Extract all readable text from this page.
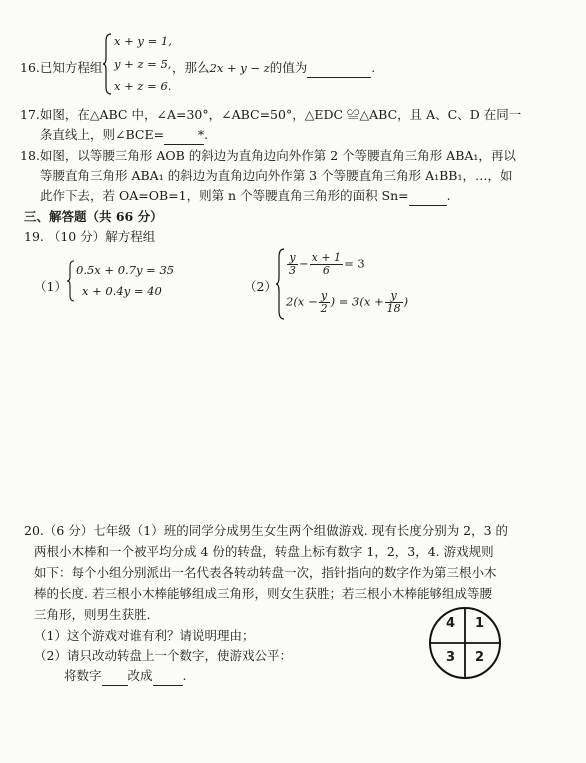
16.已知方程组
x + y = 1,
y + z = 5,
x + z = 6.
，那么2x + y − z的值为	.
17.如图，在△ABC 中，∠A=30°，∠ABC=50°，△EDC ≌△ABC，且 A、C、D 在同一
条直线上，则∠BCE=	*.
18.如图，以等腰三角形 AOB 的斜边为直角边向外作第 2 个等腰直角三角形 ABA₁，再以
等腰直角三角形 ABA₁ 的斜边为直角边向外作第 3 个等腰直角三角形 A₁BB₁，…，如
此作下去，若 OA=OB=1，则第 n 个等腰直角三角形的面积 Sn=	.
三、解答题（共 66 分）
19. （10 分）解方程组
（1）
0.5x + 0.7y = 35
x + 0.4y = 40	（2）
$\frac{y}{3} - \frac{x + 1}{6} = 3$
$2(x - \frac{y}{2}$ ) = $3(x + \frac{y}{18}$ )
20.（6 分）七年级（1）班的同学分成男生女生两个组做游戏. 现有长度分别为 2，3 的
两根小木棒和一个被平均分成 4 份的转盘，转盘上标有数字 1，2，3，4. 游戏规则
如下：每个小组分别派出一名代表各转动转盘一次，指针指向的数字作为第三根小木
棒的长度. 若三根小木棒能够组成三角形，则女生获胜；若三根小木棒能够组成等腰
三角形，则男生获胜.
（1）这个游戏对谁有利？请说明理由；
（2）请只改动转盘上一个数字，使游戏公平：
将数字 改成 .
4 1
3 2
